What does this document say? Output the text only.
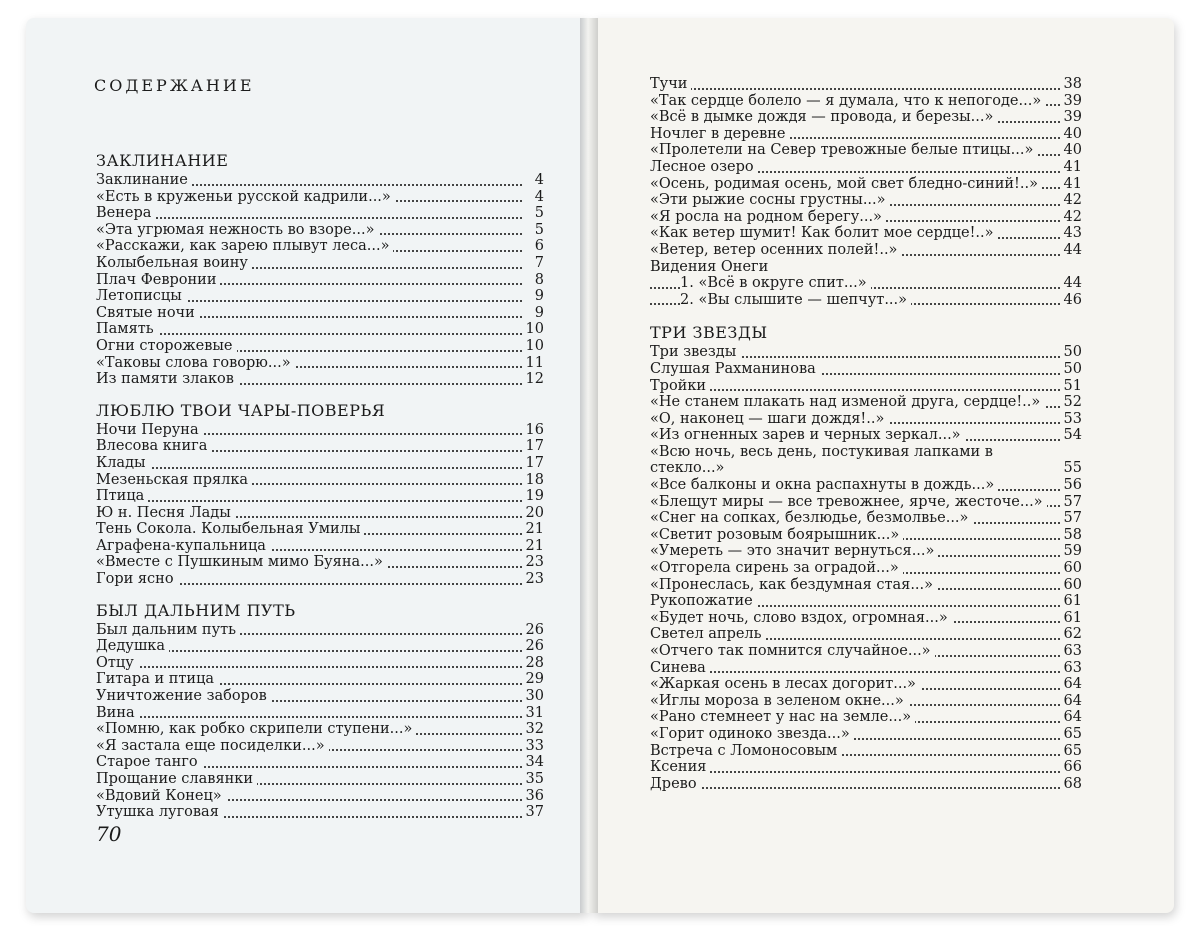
СОДЕРЖАНИЕ
ЗАКЛИНАНИЕ
Заклинание	4
«Есть в круженьи русской кадрили...»	4
Венера	5
«Эта угрюмая нежность во взоре...»	5
«Расскажи, как зарею плывут леса...»	6
Колыбельная воину	7
Плач Февронии	8
Летописцы	9
Святые ночи	9
Память	10
Огни сторожевые	10
«Таковы слова говорю...»	11
Из памяти злаков	12
ЛЮБЛЮ ТВОИ ЧАРЫ-ПОВЕРЬЯ
Ночи Перуна	16
Влесова книга	17
Клады	17
Мезеньская прялка	18
Птица	19
Ю н. Песня Лады	20
Тень Сокола. Колыбельная Умилы	21
Аграфена-купальница	21
«Вместе с Пушкиным мимо Буяна...»	23
Гори ясно	23
БЫЛ ДАЛЬНИМ ПУТЬ
Был дальним путь	26
Дедушка	26
Отцу	28
Гитара и птица	29
Уничтожение заборов	30
Вина	31
«Помню, как робко скрипели ступени...»	32
«Я застала еще посиделки...»	33
Старое танго	34
Прощание славянки	35
«Вдовий Конец»	36
Утушка луговая	37
Тучи	38
«Так сердце болело — я думала, что к непогоде...» 39
«Всё в дымке дождя — провода, и березы...»	39
Ночлег в деревне	40
«Пролетели на Север тревожные белые птицы...» 40
Лесное озеро	41
«Осень, родимая осень, мой свет бледно-синий!..» 41
«Эти рыжие сосны грустны...»	42
«Я росла на родном берегу...»	42
«Как ветер шумит! Как болит мое сердце!..»	43
«Ветер, ветер осенних полей!..»	44
Видения Онеги
1. «Всё в округе спит...»	44
2. «Вы слышите — шепчут...»	46
ТРИ ЗВЕЗДЫ
Три звезды	50
Слушая Рахманинова	50
Тройки	51
«Не станем плакать над изменой друга, сердце!..» 52
«О, наконец — шаги дождя!..»	53
«Из огненных зарев и черных зеркал...»	54
«Всю ночь, весь день, постукивая лапками в стекло...»	55
«Все балконы и окна распахнуты в дождь...»	56
«Блещут миры — все тревожнее, ярче, жесточе...» 57
«Снег на сопках, безлюдье, безмолвье...»	57
«Светит розовым боярышник...»	58
«Умереть — это значит вернуться...»	59
«Отгорела сирень за оградой...»	60
«Пронеслась, как бездумная стая...»	60
Рукопожатие	61
«Будет ночь, слово вздох, огромная...»	61
Светел апрель	62
«Отчего так помнится случайное...»	63
Синева	63
«Жаркая осень в лесах догорит...»	64
«Иглы мороза в зеленом окне...»	64
«Рано стемнеет у нас на земле...»	64
«Горит одиноко звезда...»	65
Встреча с Ломоносовым	65
Ксения	66
Древо	68
70
